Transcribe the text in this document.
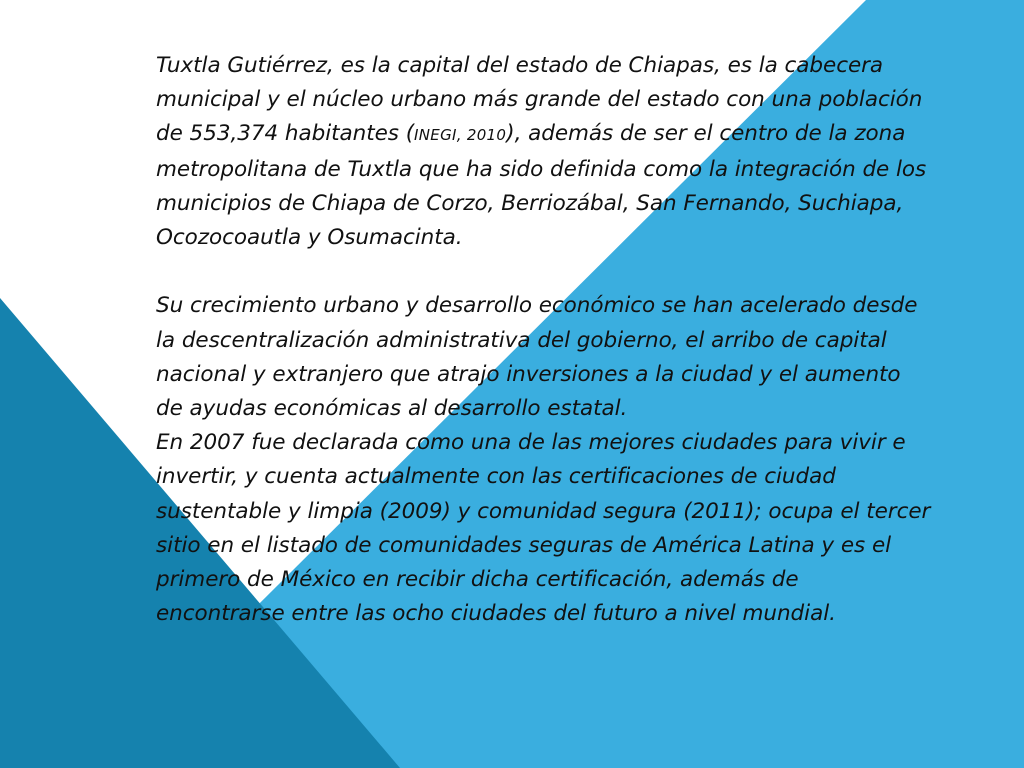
Tuxtla Gutiérrez, es la capital del estado de Chiapas, es la cabecera municipal y el núcleo urbano más grande del estado con una población de 553,374 habitantes (INEGI, 2010), además de ser el centro de la zona metropolitana de Tuxtla que ha sido definida como la integración de los municipios de Chiapa de Corzo, Berriozábal, San Fernando, Suchiapa, Ocozocoautla y Osumacinta.

Su crecimiento urbano y desarrollo económico se han acelerado desde la descentralización administrativa del gobierno, el arribo de capital nacional y extranjero que atrajo inversiones a la ciudad y el aumento de ayudas económicas al desarrollo estatal.

En 2007 fue declarada como una de las mejores ciudades para vivir e invertir, y cuenta actualmente con las certificaciones de ciudad sustentable y limpia (2009) y comunidad segura (2011); ocupa el tercer sitio en el listado de comunidades seguras de América Latina y es el primero de México en recibir dicha certificación, además de encontrarse entre las ocho ciudades del futuro a nivel mundial.
